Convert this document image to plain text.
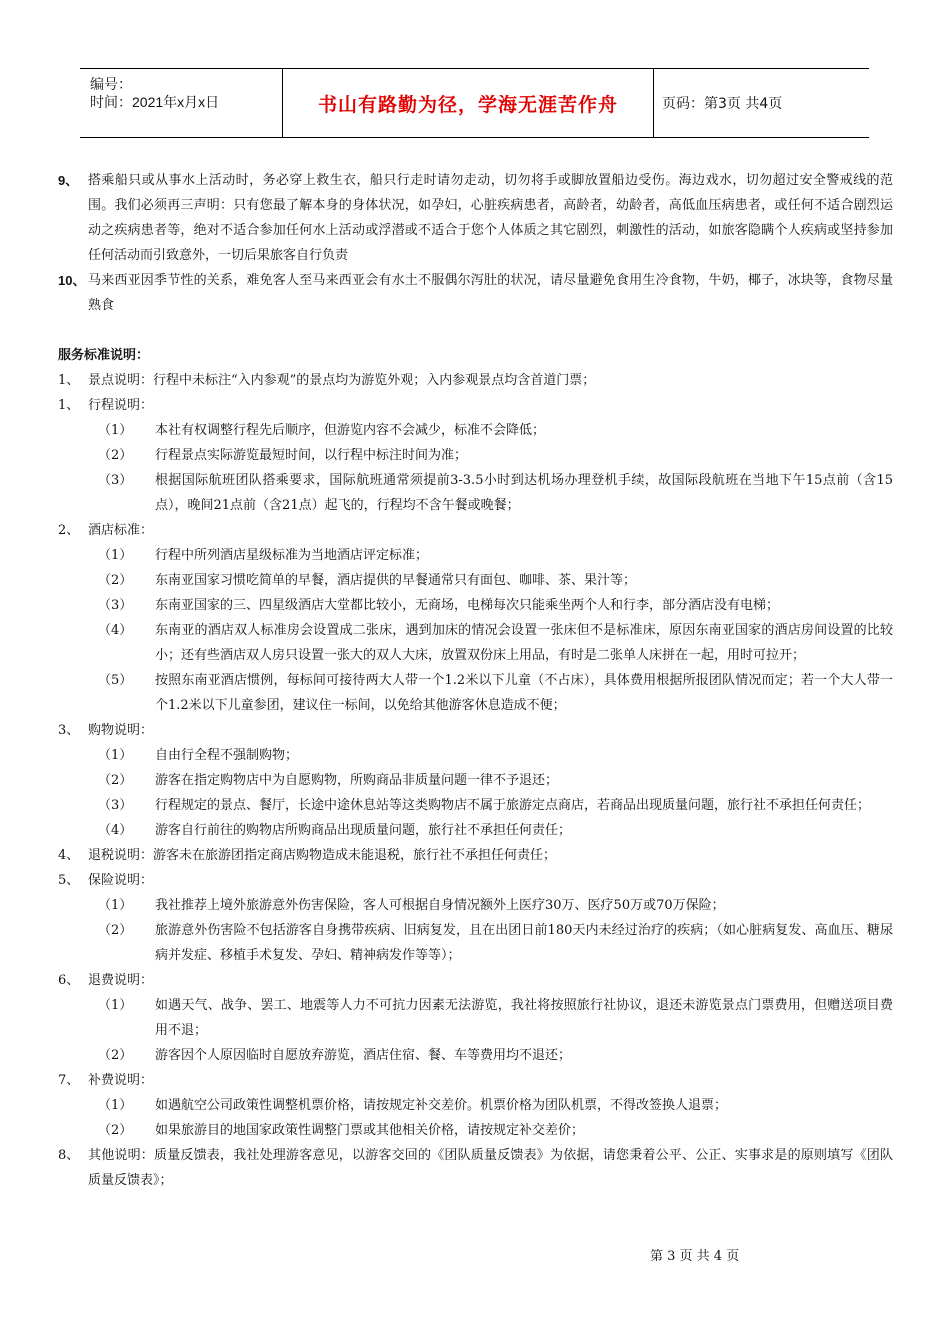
编号：
时间：2021年x月x日	书山有路勤为径，学海无涯苦作舟	页码：第3页 共4页
9、 搭乘船只或从事水上活动时，务必穿上救生衣，船只行走时请勿走动，切勿将手或脚放置船边受伤。海边戏水，切勿超过安全警戒线的范围。我们必须再三声明：只有您最了解本身的身体状况，如孕妇，心脏疾病患者，高龄者，幼龄者，高低血压病患者，或任何不适合剧烈运动之疾病患者等，绝对不适合参加任何水上活动或浮潜或不适合于您个人体质之其它剧烈，刺激性的活动，如旅客隐瞒个人疾病或坚持参加任何活动而引致意外，一切后果旅客自行负责
10、 马来西亚因季节性的关系，难免客人至马来西亚会有水土不服偶尔泻肚的状况，请尽量避免食用生冷食物，牛奶，椰子，冰块等，食物尽量熟食
服务标准说明：
1、 景点说明：行程中未标注“入内参观”的景点均为游览外观；入内参观景点均含首道门票；
1、 行程说明：
（1）	本社有权调整行程先后顺序，但游览内容不会减少，标准不会降低；
（2）	行程景点实际游览最短时间，以行程中标注时间为准；
（3）	根据国际航班团队搭乘要求，国际航班通常须提前3-3.5小时到达机场办理登机手续，故国际段航班在当地下午15点前（含15点），晚间21点前（含21点）起飞的，行程均不含午餐或晚餐；
2、 酒店标准：
（1）	行程中所列酒店星级标准为当地酒店评定标准；
（2）	东南亚国家习惯吃简单的早餐，酒店提供的早餐通常只有面包、咖啡、茶、果汁等；
（3）	东南亚国家的三、四星级酒店大堂都比较小，无商场，电梯每次只能乘坐两个人和行李，部分酒店没有电梯；
（4）	东南亚的酒店双人标准房会设置成二张床，遇到加床的情况会设置一张床但不是标准床，原因东南亚国家的酒店房间设置的比较小；还有些酒店双人房只设置一张大的双人大床，放置双份床上用品，有时是二张单人床拼在一起，用时可拉开；
（5）	按照东南亚酒店惯例，每标间可接待两大人带一个1.2米以下儿童（不占床），具体费用根据所报团队情况而定；若一个大人带一个1.2米以下儿童参团，建议住一标间，以免给其他游客休息造成不便；
3、 购物说明：
（1）	自由行全程不强制购物；
（2）	游客在指定购物店中为自愿购物，所购商品非质量问题一律不予退还；
（3）	行程规定的景点、餐厅，长途中途休息站等这类购物店不属于旅游定点商店，若商品出现质量问题，旅行社不承担任何责任；
（4）	游客自行前往的购物店所购商品出现质量问题，旅行社不承担任何责任；
4、 退税说明：游客未在旅游团指定商店购物造成未能退税，旅行社不承担任何责任；
5、 保险说明：
（1）	我社推荐上境外旅游意外伤害保险，客人可根据自身情况额外上医疗30万、医疗50万或70万保险；
（2）	旅游意外伤害险不包括游客自身携带疾病、旧病复发，且在出团日前180天内未经过治疗的疾病；（如心脏病复发、高血压、糖尿病并发症、移植手术复发、孕妇、精神病发作等等）；
6、 退费说明：
（1）	如遇天气、战争、罢工、地震等人力不可抗力因素无法游览，我社将按照旅行社协议，退还未游览景点门票费用，但赠送项目费用不退；
（2）	游客因个人原因临时自愿放弃游览，酒店住宿、餐、车等费用均不退还；
7、 补费说明：
（1）	如遇航空公司政策性调整机票价格，请按规定补交差价。机票价格为团队机票，不得改签换人退票；
（2）	如果旅游目的地国家政策性调整门票或其他相关价格，请按规定补交差价；
8、 其他说明：质量反馈表，我社处理游客意见，以游客交回的《团队质量反馈表》为依据，请您秉着公平、公正、实事求是的原则填写《团队质量反馈表》；
第 3 页 共 4 页
